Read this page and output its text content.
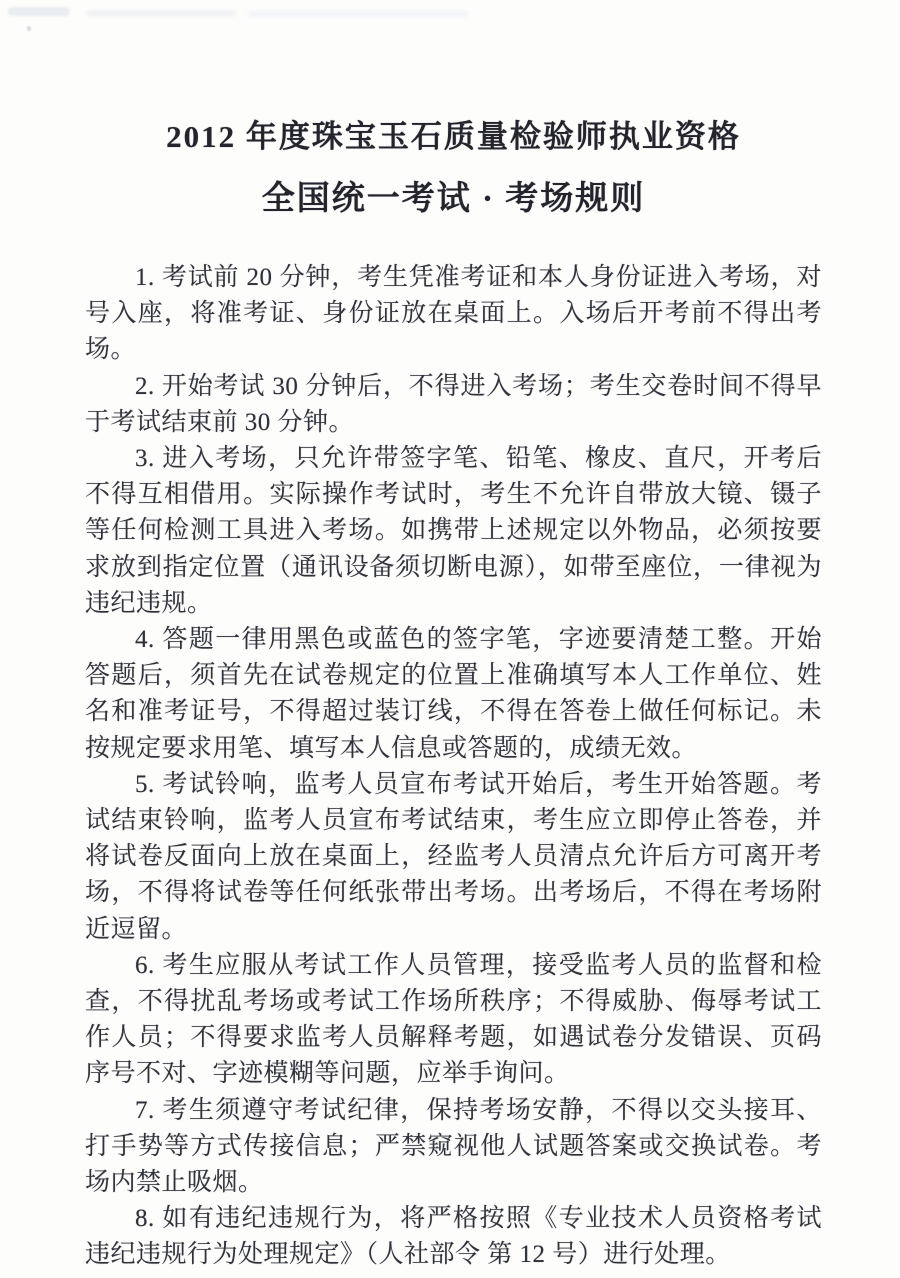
2012 年度珠宝玉石质量检验师执业资格
全国统一考试 · 考场规则

1. 考试前 20 分钟，考生凭准考证和本人身份证进入考场，对号入座，将准考证、身份证放在桌面上。入场后开考前不得出考场。

2. 开始考试 30 分钟后，不得进入考场；考生交卷时间不得早于考试结束前 30 分钟。

3. 进入考场，只允许带签字笔、铅笔、橡皮、直尺，开考后不得互相借用。实际操作考试时，考生不允许自带放大镜、镊子等任何检测工具进入考场。如携带上述规定以外物品，必须按要求放到指定位置（通讯设备须切断电源），如带至座位，一律视为违纪违规。

4. 答题一律用黑色或蓝色的签字笔，字迹要清楚工整。开始答题后，须首先在试卷规定的位置上准确填写本人工作单位、姓名和准考证号，不得超过装订线，不得在答卷上做任何标记。未按规定要求用笔、填写本人信息或答题的，成绩无效。

5. 考试铃响，监考人员宣布考试开始后，考生开始答题。考试结束铃响，监考人员宣布考试结束，考生应立即停止答卷，并将试卷反面向上放在桌面上，经监考人员清点允许后方可离开考场，不得将试卷等任何纸张带出考场。出考场后，不得在考场附近逗留。

6. 考生应服从考试工作人员管理，接受监考人员的监督和检查，不得扰乱考场或考试工作场所秩序；不得威胁、侮辱考试工作人员；不得要求监考人员解释考题，如遇试卷分发错误、页码序号不对、字迹模糊等问题，应举手询问。

7. 考生须遵守考试纪律，保持考场安静，不得以交头接耳、打手势等方式传接信息；严禁窥视他人试题答案或交换试卷。考场内禁止吸烟。

8. 如有违纪违规行为，将严格按照《专业技术人员资格考试违纪违规行为处理规定》（人社部令 第 12 号）进行处理。
